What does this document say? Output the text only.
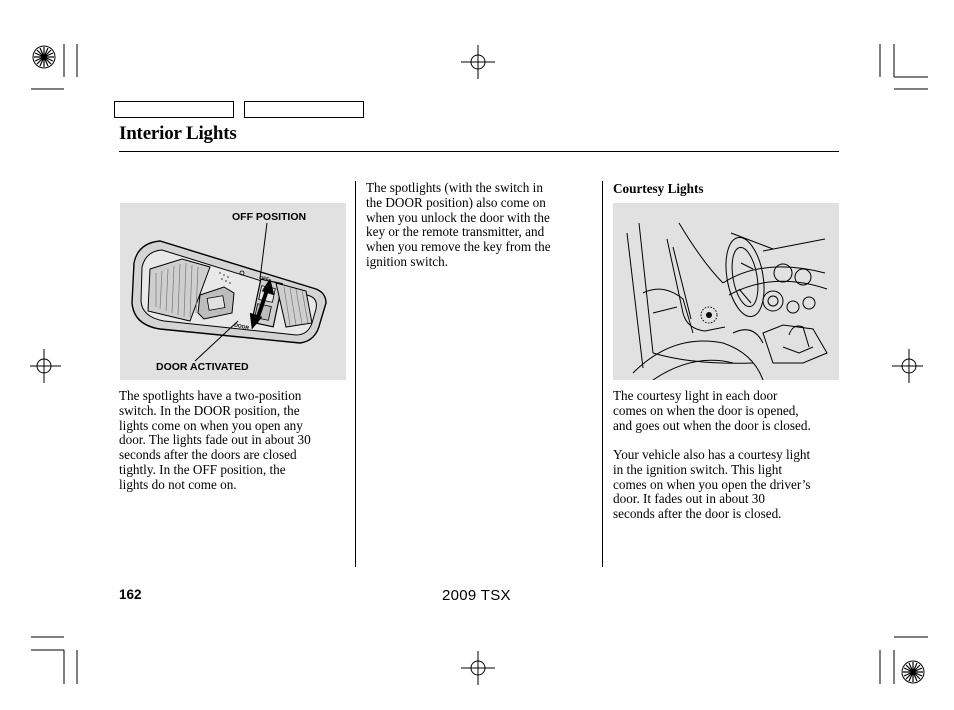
Interior Lights
OFF POSITION
DOOR ACTIVATED
OFF
DOOR
The spotlights have a two-position
switch. In the DOOR position, the
lights come on when you open any
door. The lights fade out in about 30
seconds after the doors are closed
tightly. In the OFF position, the
lights do not come on.
The spotlights (with the switch in
the DOOR position) also come on
when you unlock the door with the
key or the remote transmitter, and
when you remove the key from the
ignition switch.
Courtesy Lights
The courtesy light in each door
comes on when the door is opened,
and goes out when the door is closed.
Your vehicle also has a courtesy light
in the ignition switch. This light
comes on when you open the driver’s
door. It fades out in about 30
seconds after the door is closed.
162	2009 TSX
